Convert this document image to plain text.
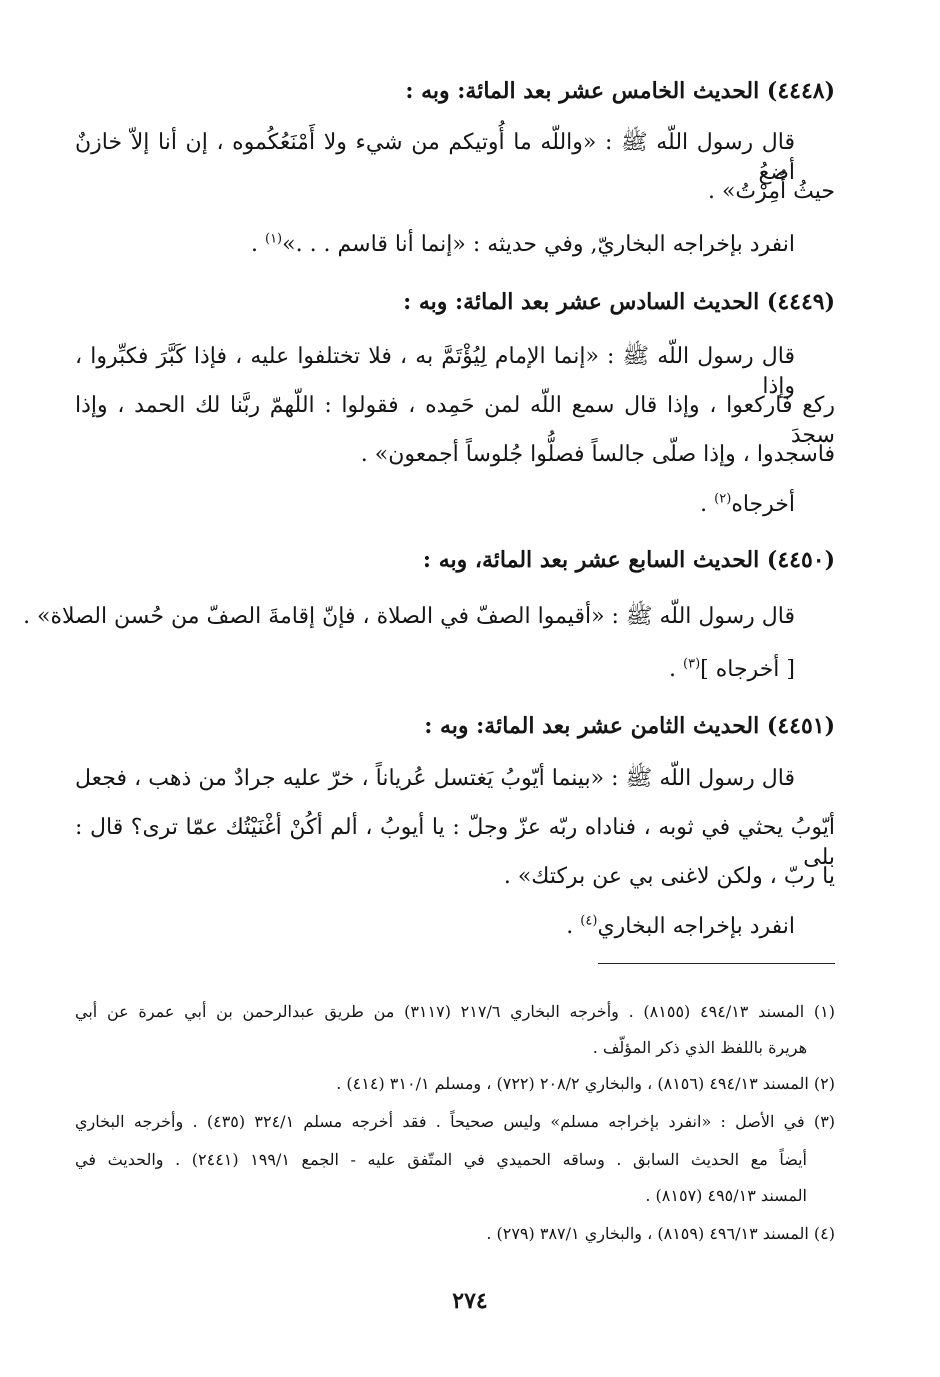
(٤٤٤٨) الحديث الخامس عشر بعد المائة: وبه :
قال رسول اللّه ﷺ : «واللّه ما أُوتيكم من شيء ولا أَمْنَعُكُموه ، إن أنا إلاّ خازنٌ أضعُ
حيثُ أُمِرْتُ» .
انفرد بإخراجه البخاريّ, وفي حديثه : «إنما أنا قاسم . . .»$^{(١)}$ .
(٤٤٤٩) الحديث السادس عشر بعد المائة: وبه :
قال رسول اللّه ﷺ : «إنما الإمام لِيُؤْتَمَّ به ، فلا تختلفوا عليه ، فإذا كَبَّرَ فكبِّروا ، وإذا
ركع فاركعوا ، وإذا قال سمع اللّه لمن حَمِده ، فقولوا : اللّهمّ ربَّنا لك الحمد ، وإذا سجدَ
فاسجدوا ، وإذا صلّى جالساً فصلُّوا جُلوساً أجمعون» .
أخرجاه$^{(٢)}$ .
(٤٤٥٠) الحديث السابع عشر بعد المائة، وبه :
قال رسول اللّه ﷺ : «أقيموا الصفّ في الصلاة ، فإنّ إقامةَ الصفّ من حُسن الصلاة» .
[ أخرجاه ]$^{(٣)}$ .
(٤٤٥١) الحديث الثامن عشر بعد المائة: وبه :
قال رسول اللّه ﷺ : «بينما أيّوبُ يَغتسل عُرياناً ، خرّ عليه جرادٌ من ذهب ، فجعل
أيّوبُ يحثي في ثوبه ، فناداه ربّه عزّ وجلّ : يا أيوبُ ، ألم أكُنْ أغْنَيْتُك عمّا ترى؟ قال : بلى
يا ربّ ، ولكن لاغنى بي عن بركتك» .
انفرد بإخراجه البخاري$^{(٤)}$ .
(١) المسند ٤٩٤/١٣ (٨١٥٥) . وأخرجه البخاري ٢١٧/٦ (٣١١٧) من طريق عبدالرحمن بن أبي عمرة عن أبي
هريرة باللفظ الذي ذكر المؤلّف .
(٢) المسند ٤٩٤/١٣ (٨١٥٦) ، والبخاري ٢٠٨/٢ (٧٢٢) ، ومسلم ٣١٠/١ (٤١٤) .
(٣) في الأصل : «انفرد بإخراجه مسلم» وليس صحيحاً . فقد أخرجه مسلم ٣٢٤/١ (٤٣٥) . وأخرجه البخاري
أيضاً مع الحديث السابق . وساقه الحميدي في المتّفق عليه - الجمع ١٩٩/١ (٢٤٤١) . والحديث في
المسند ٤٩٥/١٣ (٨١٥٧) .
(٤) المسند ٤٩٦/١٣ (٨١٥٩) ، والبخاري ٣٨٧/١ (٢٧٩) .
٢٧٤
